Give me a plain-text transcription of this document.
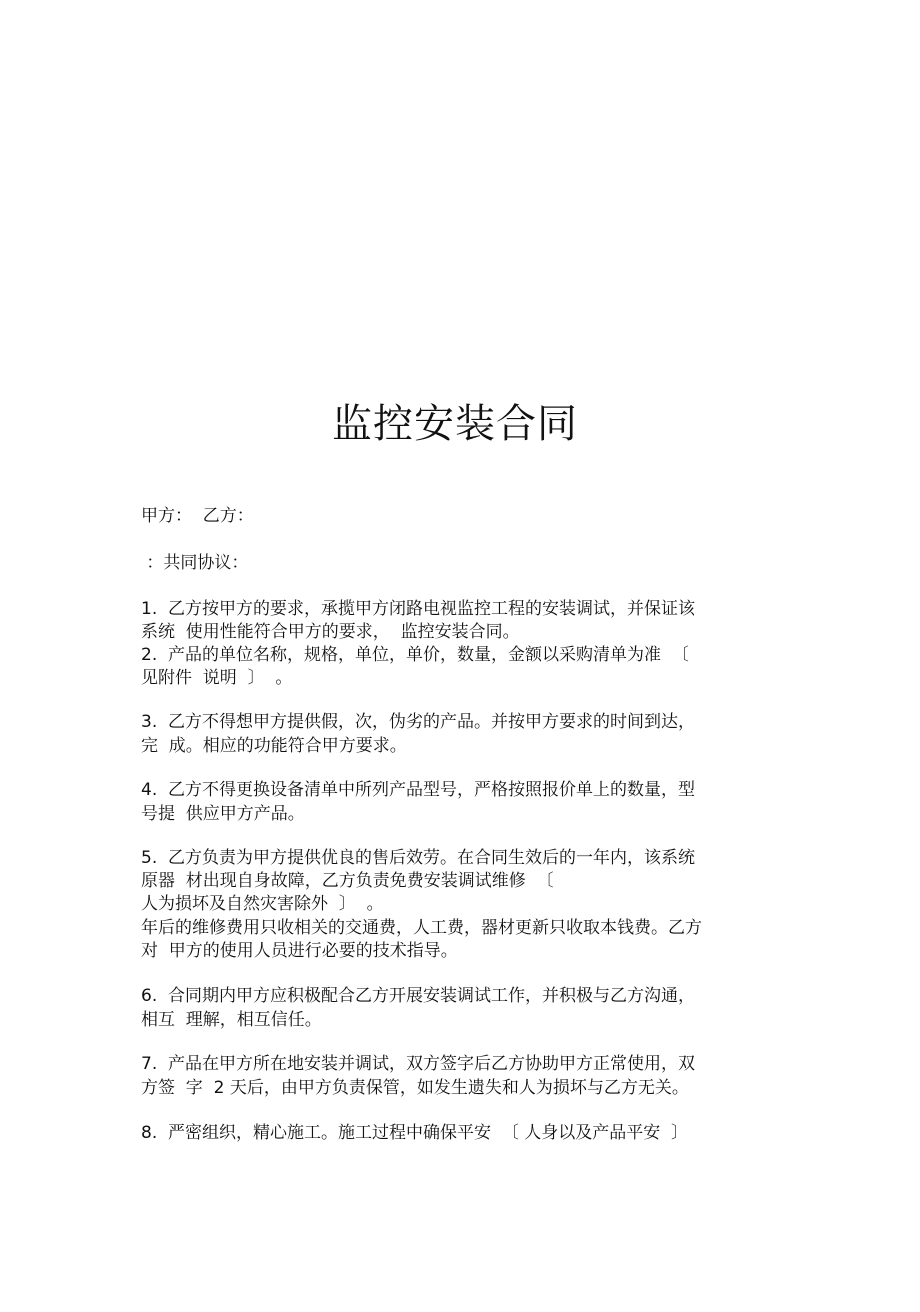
监控安装合同

甲方：  乙方：

：共同协议：

1.  乙方按甲方的要求，承揽甲方闭路电视监控工程的安装调试，并保证该

系统  使用性能符合甲方的要求，  监控安装合同。

2.  产品的单位名称，规格，单位，单价，数量，金额以采购清单为准  〔

见附件  说明  〕  。

3.  乙方不得想甲方提供假，次，伪劣的产品。并按甲方要求的时间到达，

完  成。相应的功能符合甲方要求。

4.  乙方不得更换设备清单中所列产品型号，严格按照报价单上的数量，型

号提  供应甲方产品。

5.  乙方负责为甲方提供优良的售后效劳。在合同生效后的一年内，该系统

原器  材出现自身故障，乙方负责免费安装调试维修  〔

人为损坏及自然灾害除外  〕  。

年后的维修费用只收相关的交通费，人工费，器材更新只收取本钱费。乙方

对  甲方的使用人员进行必要的技术指导。

6.  合同期内甲方应积极配合乙方开展安装调试工作，并积极与乙方沟通，

相互  理解，相互信任。

7.  产品在甲方所在地安装并调试，双方签字后乙方协助甲方正常使用，双

方签  字  2 天后，由甲方负责保管，如发生遗失和人为损坏与乙方无关。

8.  严密组织，精心施工。施工过程中确保平安  〔 人身以及产品平安  〕
